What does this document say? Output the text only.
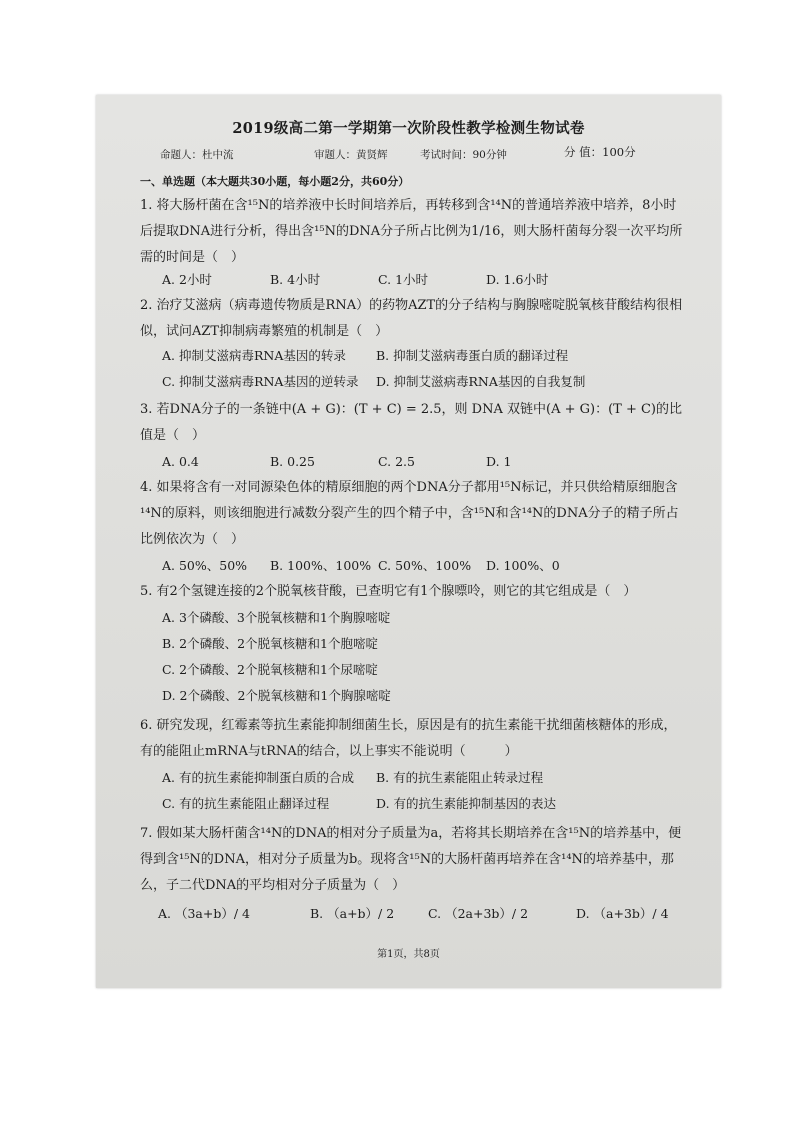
2019级高二第一学期第一次阶段性教学检测生物试卷
命题人：杜中流	审题人：黄贤辉	考试时间：90分钟	分 值：100分
一、单选题（本大题共30小题，每小题2分，共60分）

1. 将大肠杆菌在含¹⁵N的培养液中长时间培养后，再转移到含¹⁴N的普通培养液中培养，8小时后提取DNA进行分析，得出含¹⁵N的DNA分子所占比例为1/16，则大肠杆菌每分裂一次平均所需的时间是（　）

A. 2小时	B. 4小时	C. 1小时	D. 1.6小时

2. 治疗艾滋病（病毒遗传物质是RNA）的药物AZT的分子结构与胸腺嘧啶脱氧核苷酸结构很相似，试问AZT抑制病毒繁殖的机制是（　）

A. 抑制艾滋病毒RNA基因的转录	B. 抑制艾滋病毒蛋白质的翻译过程
C. 抑制艾滋病毒RNA基因的逆转录	D. 抑制艾滋病毒RNA基因的自我复制

3. 若DNA分子的一条链中(A + G)：(T + C) = 2.5，则 DNA 双链中(A + G)：(T + C)的比值是（　）

A. 0.4	B. 0.25	C. 2.5	D. 1

4. 如果将含有一对同源染色体的精原细胞的两个DNA分子都用¹⁵N标记，并只供给精原细胞含¹⁴N的原料，则该细胞进行减数分裂产生的四个精子中，含¹⁵N和含¹⁴N的DNA分子的精子所占比例依次为（　）

A. 50%、50%	B. 100%、100% C. 50%、100%	D. 100%、0

5. 有2个氢键连接的2个脱氧核苷酸，已查明它有1个腺嘌呤，则它的其它组成是（　）

A. 3个磷酸、3个脱氧核糖和1个胸腺嘧啶
B. 2个磷酸、2个脱氧核糖和1个胞嘧啶
C. 2个磷酸、2个脱氧核糖和1个尿嘧啶
D. 2个磷酸、2个脱氧核糖和1个胸腺嘧啶

6. 研究发现，红霉素等抗生素能抑制细菌生长，原因是有的抗生素能干扰细菌核糖体的形成，有的能阻止mRNA与tRNA的结合，以上事实不能说明（　　　）

A. 有的抗生素能抑制蛋白质的合成	B. 有的抗生素能阻止转录过程
C. 有的抗生素能阻止翻译过程	D. 有的抗生素能抑制基因的表达

7. 假如某大肠杆菌含¹⁴N的DNA的相对分子质量为a，若将其长期培养在含¹⁵N的培养基中，便得到含¹⁵N的DNA，相对分子质量为b。现将含¹⁵N的大肠杆菌再培养在含¹⁴N的培养基中，那么，子二代DNA的平均相对分子质量为（　）

A. （3a+b）/ 4	B. （a+b）/ 2	C. （2a+3b）/ 2	D. （a+3b）/ 4
第1页，共8页
